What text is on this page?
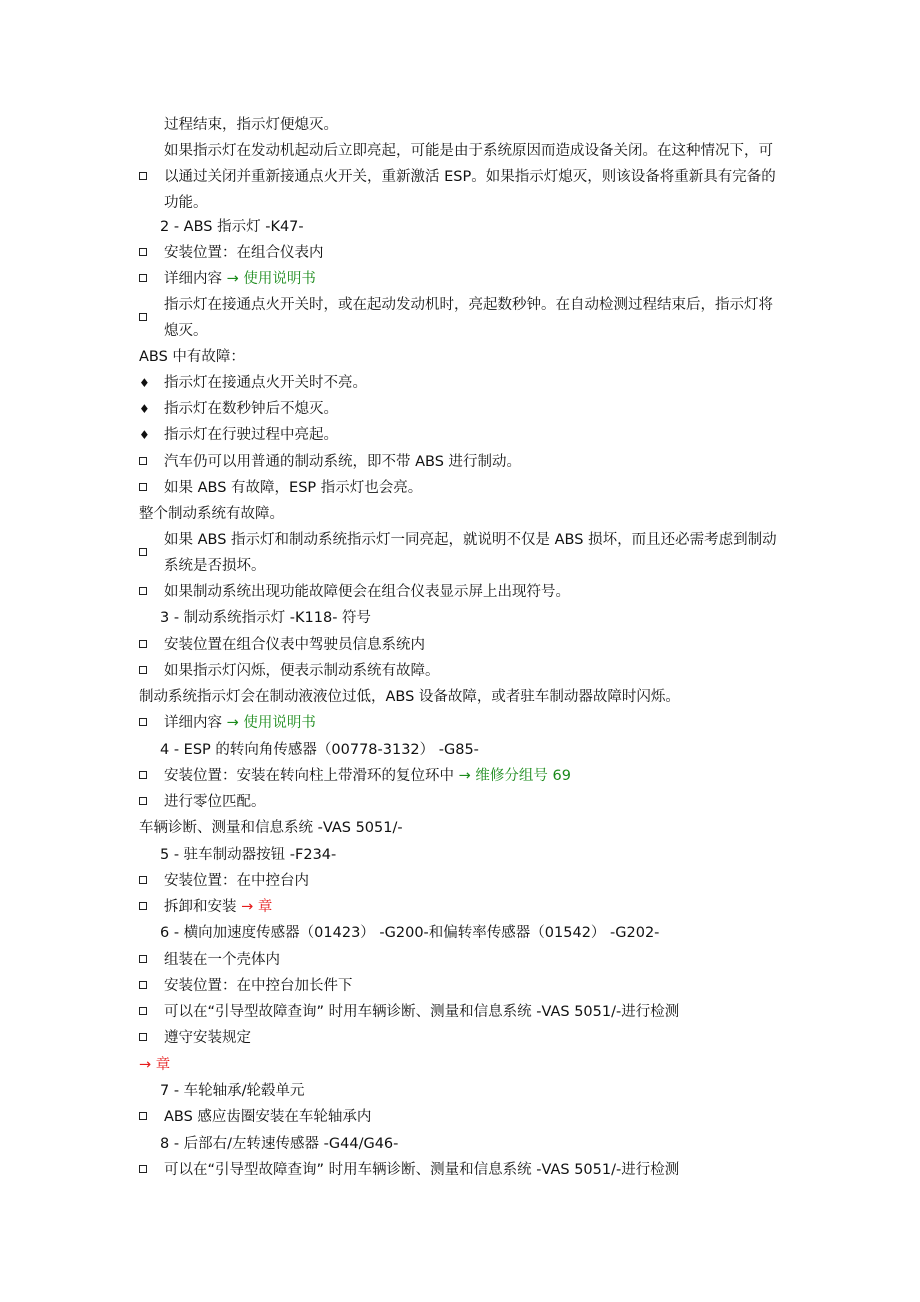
过程结束，指示灯便熄灭。
如果指示灯在发动机起动后立即亮起，可能是由于系统原因而造成设备关闭。在这种情况下，可以通过关闭并重新接通点火开关，重新激活 ESP。如果指示灯熄灭，则该设备将重新具有完备的功能。
2 - ABS 指示灯 -K47-
安装位置：在组合仪表内
详细内容 → 使用说明书
指示灯在接通点火开关时，或在起动发动机时，亮起数秒钟。在自动检测过程结束后，指示灯将熄灭。
ABS 中有故障：
♦ 指示灯在接通点火开关时不亮。
♦ 指示灯在数秒钟后不熄灭。
♦ 指示灯在行驶过程中亮起。
汽车仍可以用普通的制动系统，即不带 ABS 进行制动。
如果 ABS 有故障，ESP 指示灯也会亮。
整个制动系统有故障。
如果 ABS 指示灯和制动系统指示灯一同亮起，就说明不仅是 ABS 损坏，而且还必需考虑到制动系统是否损坏。
如果制动系统出现功能故障便会在组合仪表显示屏上出现符号。
3 - 制动系统指示灯 -K118- 符号
安装位置在组合仪表中驾驶员信息系统内
如果指示灯闪烁，便表示制动系统有故障。
制动系统指示灯会在制动液液位过低，ABS 设备故障，或者驻车制动器故障时闪烁。
详细内容 → 使用说明书
4 - ESP 的转向角传感器（00778-3132） -G85-
安装位置：安装在转向柱上带滑环的复位环中 → 维修分组号 69
进行零位匹配。
车辆诊断、测量和信息系统 -VAS 5051/-
5 - 驻车制动器按钮 -F234-
安装位置：在中控台内
拆卸和安装 → 章
6 - 横向加速度传感器（01423） -G200-和偏转率传感器（01542） -G202-
组装在一个壳体内
安装位置：在中控台加长件下
可以在“引导型故障查询” 时用车辆诊断、测量和信息系统 -VAS 5051/-进行检测
遵守安装规定
→ 章
7 - 车轮轴承/轮毂单元
ABS 感应齿圈安装在车轮轴承内
8 - 后部右/左转速传感器 -G44/G46-
可以在“引导型故障查询” 时用车辆诊断、测量和信息系统 -VAS 5051/-进行检测
